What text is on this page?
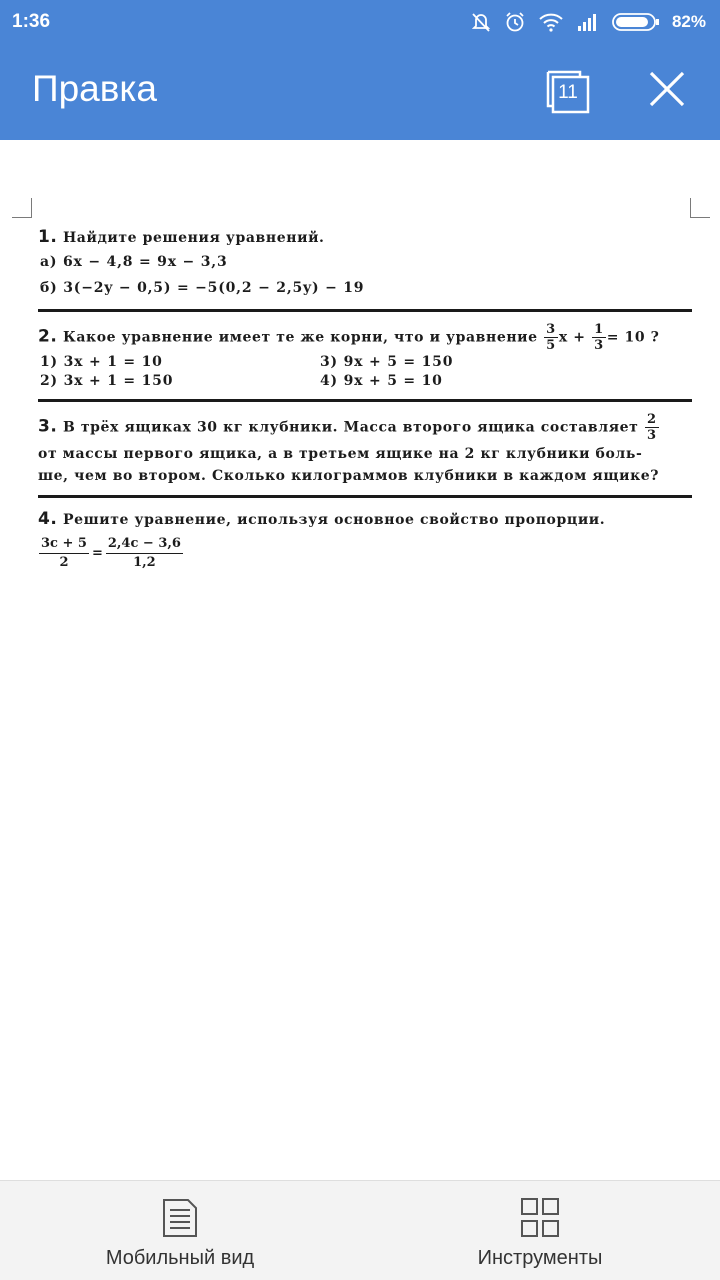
1:36	82%
Правка	11
1. Найдите решения уравнений.
а) 6x − 4,8 = 9x − 3,3
б) 3(−2y − 0,5) = −5(0,2 − 2,5y) − 19
2. Какое уравнение имеет те же корни, что и уравнение $\frac{3}{5}$ $x + \frac{1}{3} = 10$ ?
1) 3x + 1 = 10	3) 9x + 5 = 150
2) 3x + 1 = 150	4) 9x + 5 = 10
3. В трёх ящиках 30 кг клубники. Масса второго ящика составляет $\frac{2}{3}$
от массы первого ящика, а в третьем ящике на 2 кг клубники боль-
ше, чем во втором. Сколько килограммов клубники в каждом ящике?
4. Решите уравнение, используя основное свойство пропорции.
$\frac{3c + 5}{2} = \frac{2,4c - 3,6}{1,2}$
Мобильный вид	Инструменты
